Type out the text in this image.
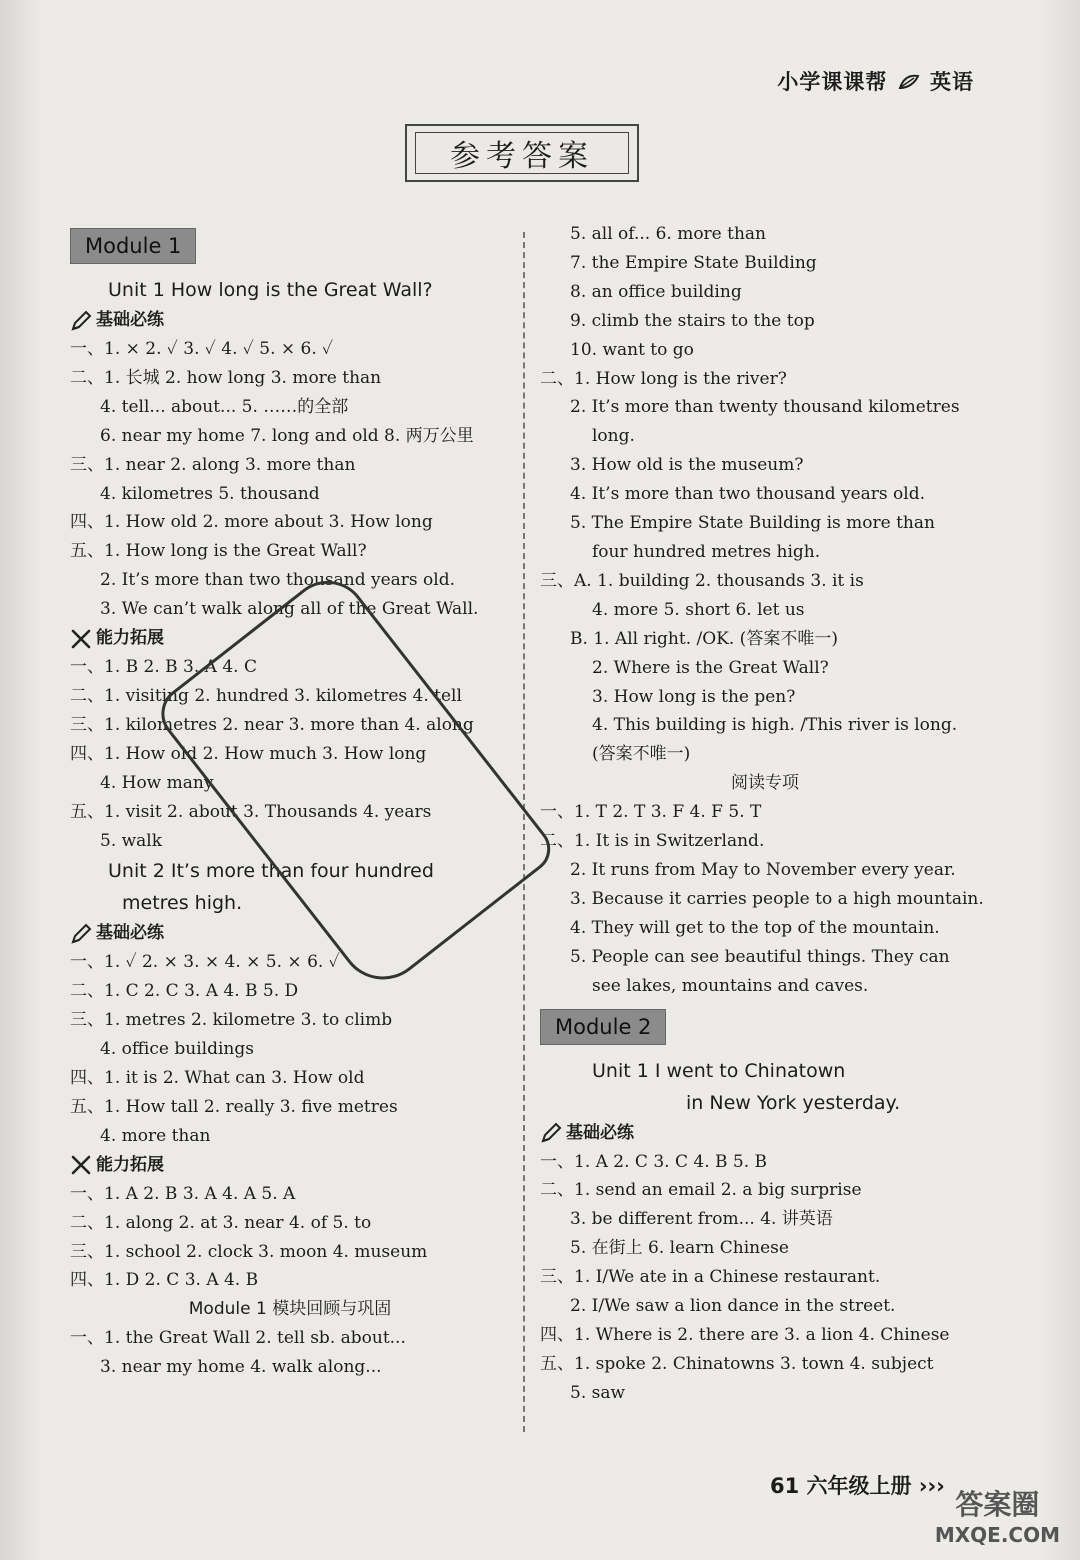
小学课课帮 英语
参考答案
Module 1
Unit 1 How long is the Great Wall?
基础必练
一、1. × 2. ✓ 3. ✓ 4. ✓ 5. × 6. ✓
二、1. 长城 2. how long 3. more than
4. tell... about... 5. ……的全部
6. near my home 7. long and old 8. 两万公里
三、1. near 2. along 3. more than
4. kilometres 5. thousand
四、1. How old 2. more about 3. How long
五、1. How long is the Great Wall?
2. It’s more than two thousand years old.
3. We can’t walk along all of the Great Wall.
能力拓展
一、1. B 2. B 3. A 4. C
二、1. visiting 2. hundred 3. kilometres 4. tell
三、1. kilometres 2. near 3. more than 4. along
四、1. How old 2. How much 3. How long
4. How many
五、1. visit 2. about 3. Thousands 4. years
5. walk
Unit 2 It’s more than four hundred
metres high.
基础必练
一、1. ✓ 2. × 3. × 4. × 5. × 6. ✓
二、1. C 2. C 3. A 4. B 5. D
三、1. metres 2. kilometre 3. to climb
4. office buildings
四、1. it is 2. What can 3. How old
五、1. How tall 2. really 3. five metres
4. more than
能力拓展
一、1. A 2. B 3. A 4. A 5. A
二、1. along 2. at 3. near 4. of 5. to
三、1. school 2. clock 3. moon 4. museum
四、1. D 2. C 3. A 4. B
Module 1 模块回顾与巩固
一、1. the Great Wall 2. tell sb. about...
3. near my home 4. walk along...
5. all of... 6. more than
7. the Empire State Building
8. an office building
9. climb the stairs to the top
10. want to go
二、1. How long is the river?
2. It’s more than twenty thousand kilometres
long.
3. How old is the museum?
4. It’s more than two thousand years old.
5. The Empire State Building is more than
four hundred metres high.
三、A. 1. building 2. thousands 3. it is
4. more 5. short 6. let us
B. 1. All right. /OK. (答案不唯一)
2. Where is the Great Wall?
3. How long is the pen?
4. This building is high. /This river is long.
(答案不唯一)
阅读专项
一、1. T 2. T 3. F 4. F 5. T
二、1. It is in Switzerland.
2. It runs from May to November every year.
3. Because it carries people to a high mountain.
4. They will get to the top of the mountain.
5. People can see beautiful things. They can
see lakes, mountains and caves.
Module 2
Unit 1 I went to Chinatown
in New York yesterday.
基础必练
一、1. A 2. C 3. C 4. B 5. B
二、1. send an email 2. a big surprise
3. be different from... 4. 讲英语
5. 在街上 6. learn Chinese
三、1. I/We ate in a Chinese restaurant.
2. I/We saw a lion dance in the street.
四、1. Where is 2. there are 3. a lion 4. Chinese
五、1. spoke 2. Chinatowns 3. town 4. subject
5. saw
61 六年级上册 ›››
答案圈
MXQE.COM
